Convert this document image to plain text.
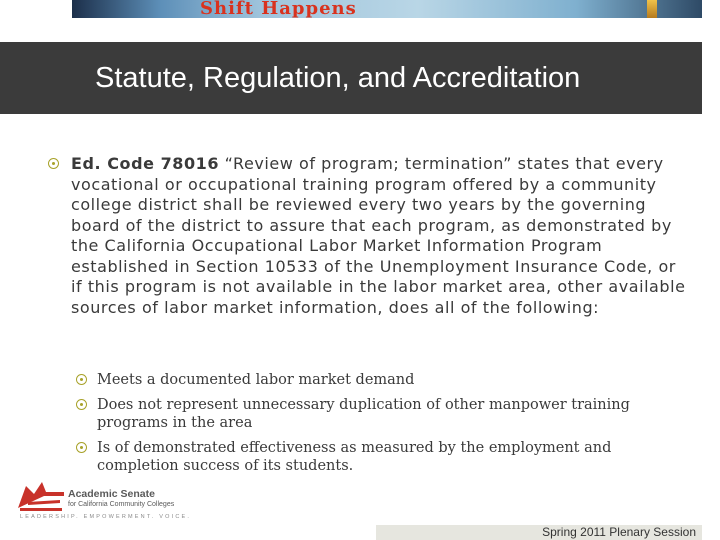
Shift Happens
Statute, Regulation, and Accreditation
Ed. Code 78016 “Review of program; termination” states that every vocational or occupational training program offered by a community college district shall be reviewed every two years by the governing board of the district to assure that each program, as demonstrated by the California Occupational Labor Market Information Program established in Section 10533 of the Unemployment Insurance Code, or if this program is not available in the labor market area, other available sources of labor market information, does all of the following:
Meets a documented labor market demand
Does not represent unnecessary duplication of other manpower training programs in the area
Is of demonstrated effectiveness as measured by the employment and completion success of its students.
Academic Senate
for California Community Colleges
LEADERSHIP. EMPOWERMENT. VOICE.
Spring 2011 Plenary Session
